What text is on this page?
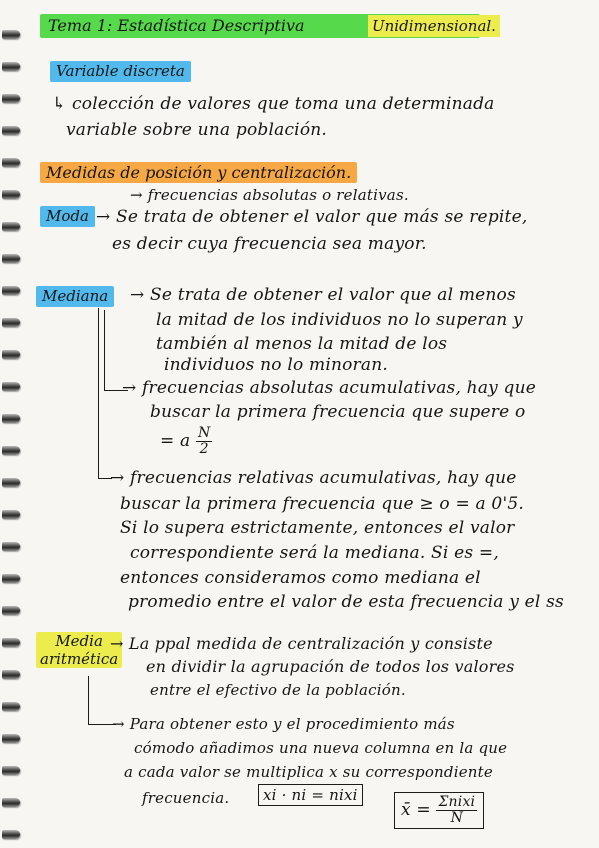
Tema 1: Estadística Descriptiva	Unidimensional.
Variable discreta
↳ colección de valores que toma una determinada
variable sobre una población.
Medidas de posición y centralización.
→ frecuencias absolutas o relativas.
Moda → Se trata de obtener el valor que más se repite,
es decir cuya frecuencia sea mayor.
Mediana	→ Se trata de obtener el valor que al menos
la mitad de los individuos no lo superan y
también al menos la mitad de los
individuos no lo minoran.
→ frecuencias absolutas acumulativas, hay que
buscar la primera frecuencia que supere o
= a $\frac{N}{2}$
→ frecuencias relativas acumulativas, hay que
buscar la primera frecuencia que ≥ o = a 0'5.
Si lo supera estrictamente, entonces el valor
correspondiente será la mediana. Si es =,
entonces consideramos como mediana el
promedio entre el valor de esta frecuencia y el ss
Media
aritmética
→ La ppal medida de centralización y consiste
en dividir la agrupación de todos los valores
entre el efectivo de la población.
→ Para obtener esto y el procedimiento más
cómodo añadimos una nueva columna en la que
a cada valor se multiplica x su correspondiente
frecuencia.	xi · ni = nixi
x̄ = $\frac{\text{Σnixi}}{N}$
